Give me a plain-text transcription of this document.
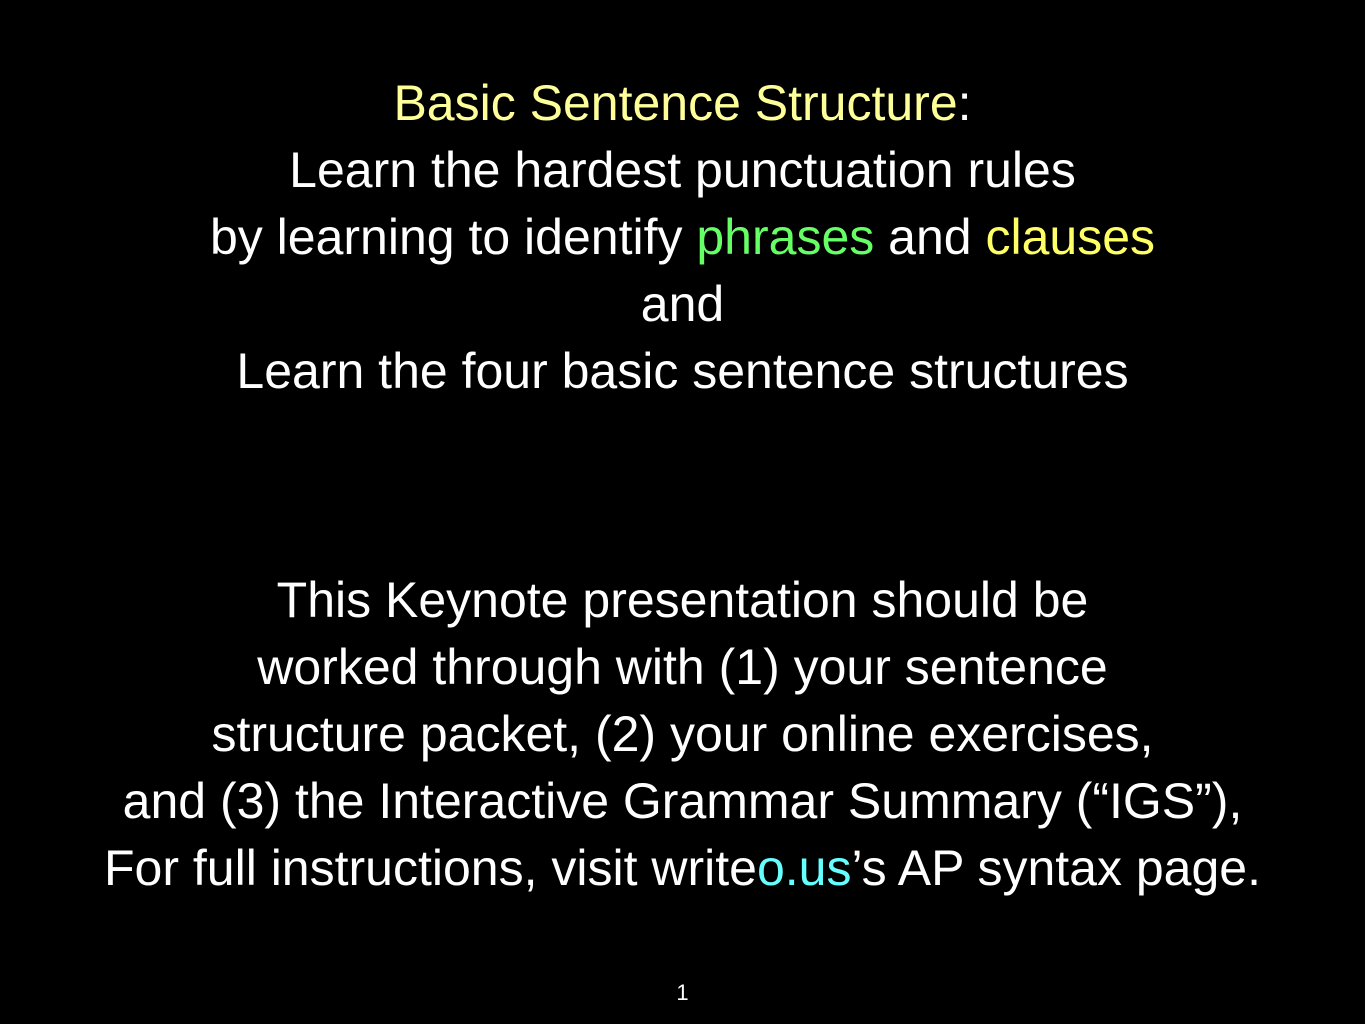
Basic Sentence Structure:
Learn the hardest punctuation rules
by learning to identify phrases and clauses
and
Learn the four basic sentence structures
This Keynote presentation should be
worked through with (1) your sentence
structure packet, (2) your online exercises,
and (3) the Interactive Grammar Summary (“IGS”),
For full instructions, visit writeo.us’s AP syntax page.
1
